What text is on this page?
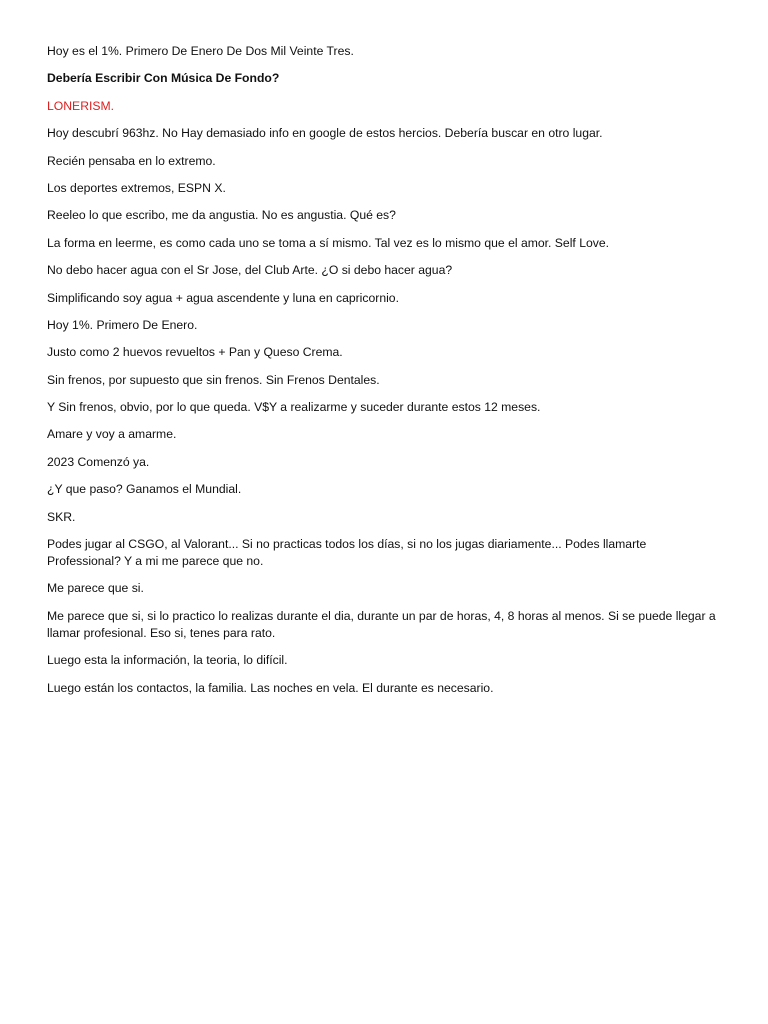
Hoy es el 1%. Primero De Enero De Dos Mil Veinte Tres.

Debería Escribir Con Música De Fondo?

LONERISM.

Hoy descubrí 963hz. No Hay demasiado info en google de estos hercios. Debería buscar en otro lugar.

Recién pensaba en lo extremo.

Los deportes extremos, ESPN X.

Reeleo lo que escribo, me da angustia. No es angustia. Qué es?

La forma en leerme, es como cada uno se toma a sí mismo. Tal vez es lo mismo que el amor. Self Love.

No debo hacer agua con el Sr Jose, del Club Arte. ¿O si debo hacer agua?

Simplificando soy agua + agua ascendente y luna en capricornio.

Hoy 1%. Primero De Enero.

Justo como 2 huevos revueltos + Pan y Queso Crema.

Sin frenos, por supuesto que sin frenos. Sin Frenos Dentales.

Y Sin frenos, obvio, por lo que queda. V$Y a realizarme y suceder durante estos 12 meses.

Amare y voy a amarme.

2023 Comenzó ya.

¿Y que paso? Ganamos el Mundial.

SKR.

Podes jugar al CSGO, al Valorant... Si no practicas todos los días, si no los jugas diariamente... Podes llamarte Professional? Y a mi me parece que no.

Me parece que si.

Me parece que si, si lo practico lo realizas durante el dia, durante un par de horas, 4, 8 horas al menos. Si se puede llegar a llamar profesional. Eso si, tenes para rato.

Luego esta la información, la teoria, lo difícil.

Luego están los contactos, la familia. Las noches en vela. El durante es necesario.
